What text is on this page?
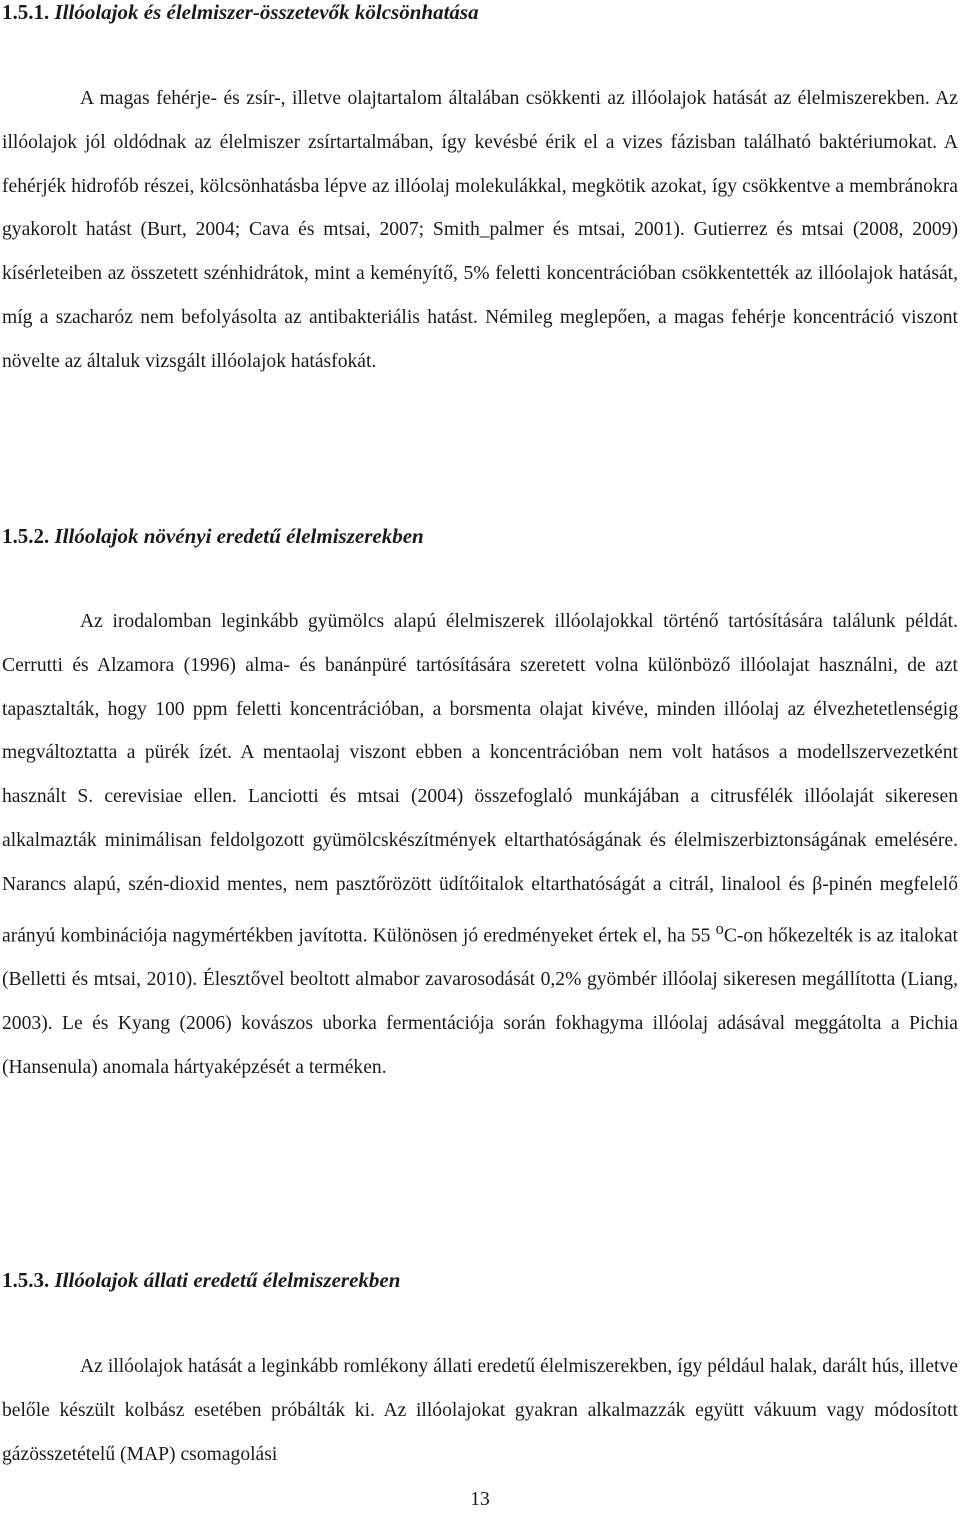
1.5.1. Illóolajok és élelmiszer-összetevők kölcsönhatása

A magas fehérje- és zsír-, illetve olajtartalom általában csökkenti az illóolajok hatását az élelmiszerekben. Az illóolajok jól oldódnak az élelmiszer zsírtartalmában, így kevésbé érik el a vizes fázisban található baktériumokat. A fehérjék hidrofób részei, kölcsönhatásba lépve az illóolaj molekulákkal, megkötik azokat, így csökkentve a membránokra gyakorolt hatást (Burt, 2004; Cava és mtsai, 2007; Smith_palmer és mtsai, 2001). Gutierrez és mtsai (2008, 2009) kísérleteiben az összetett szénhidrátok, mint a keményítő, 5% feletti koncentrációban csökkentették az illóolajok hatását, míg a szacharóz nem befolyásolta az antibakteriális hatást. Némileg meglepően, a magas fehérje koncentráció viszont növelte az általuk vizsgált illóolajok hatásfokát.

1.5.2. Illóolajok növényi eredetű élelmiszerekben

Az irodalomban leginkább gyümölcs alapú élelmiszerek illóolajokkal történő tartósítására találunk példát. Cerrutti és Alzamora (1996) alma- és banánpüré tartósítására szeretett volna különböző illóolajat használni, de azt tapasztalták, hogy 100 ppm feletti koncentrációban, a borsmenta olajat kivéve, minden illóolaj az élvezhetetlenségig megváltoztatta a pürék ízét. A mentaolaj viszont ebben a koncentrációban nem volt hatásos a modellszervezetként használt S. cerevisiae ellen. Lanciotti és mtsai (2004) összefoglaló munkájában a citrusfélék illóolaját sikeresen alkalmazták minimálisan feldolgozott gyümölcskészítmények eltarthatóságának és élelmiszerbiztonságának emelésére. Narancs alapú, szén-dioxid mentes, nem pasztőrözött üdítőitalok eltarthatóságát a citrál, linalool és β-pinén megfelelő arányú kombinációja nagymértékben javította. Különösen jó eredményeket értek el, ha 55 $^o$C-on hőkezelték is az italokat (Belletti és mtsai, 2010). Élesztővel beoltott almabor zavarosodását 0,2% gyömbér illóolaj sikeresen megállította (Liang, 2003). Le és Kyang (2006) kovászos uborka fermentációja során fokhagyma illóolaj adásával meggátolta a Pichia (Hansenula) anomala hártyaképzését a terméken.

1.5.3. Illóolajok állati eredetű élelmiszerekben

Az illóolajok hatását a leginkább romlékony állati eredetű élelmiszerekben, így például halak, darált hús, illetve belőle készült kolbász esetében próbálták ki. Az illóolajokat gyakran alkalmazzák együtt vákuum vagy módosított gázösszetételű (MAP) csomagolási

13
